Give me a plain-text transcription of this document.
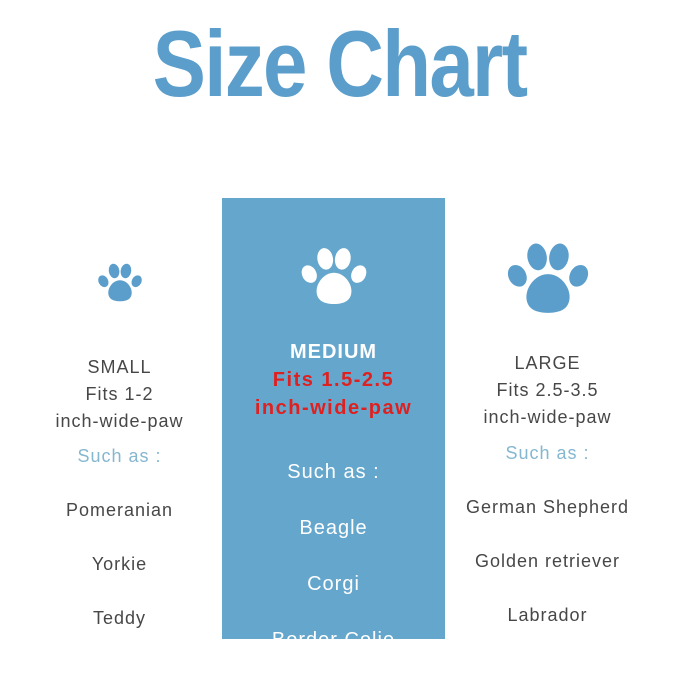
Size Chart
SMALL
Fits 1-2
inch-wide-paw
Such as :

Pomeranian

Yorkie

Teddy

MEDIUM
Fits 1.5-2.5
inch-wide-paw
Such as :

Beagle

Corgi

Border Colie

LARGE
Fits 2.5-3.5
inch-wide-paw
Such as :

German Shepherd

Golden retriever

Labrador
